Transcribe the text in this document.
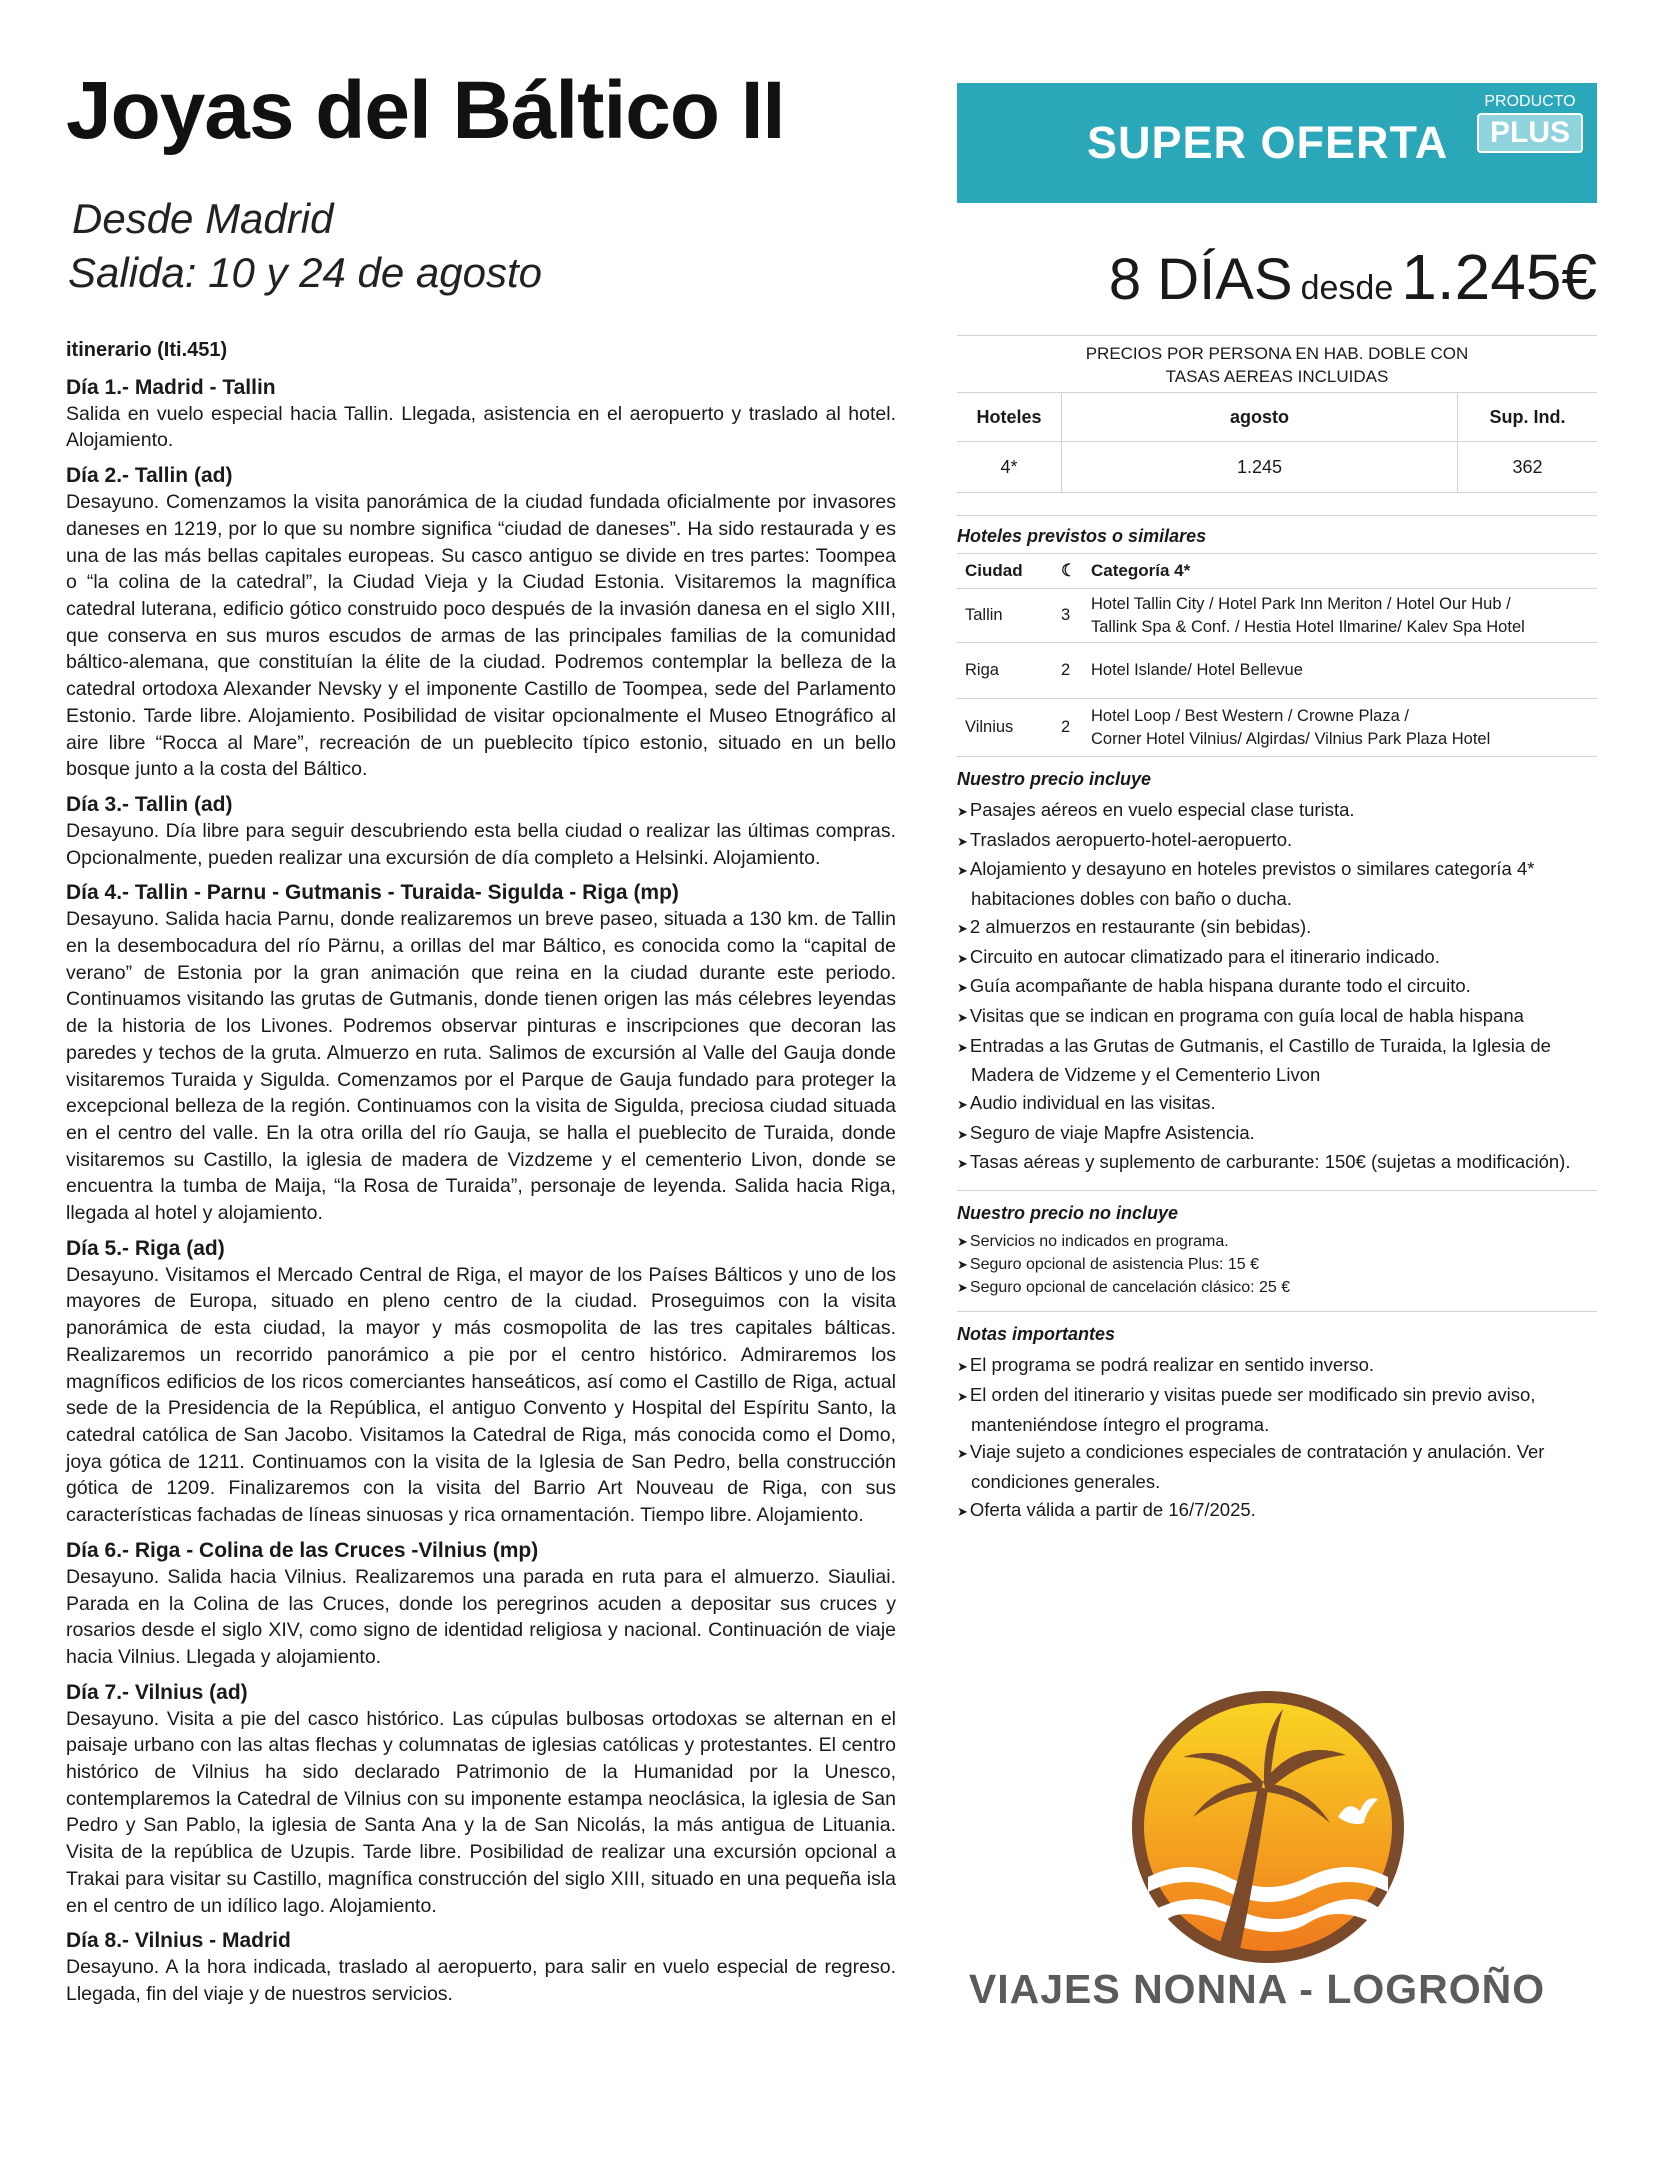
Joyas del Báltico II
Desde Madrid
Salida: 10 y 24 de agosto
itinerario (Iti.451)
Día 1.- Madrid - Tallin

Salida en vuelo especial hacia Tallin. Llegada, asistencia en el aeropuerto y traslado al hotel. Alojamiento.

Día 2.- Tallin (ad)

Desayuno. Comenzamos la visita panorámica de la ciudad fundada oficialmente por invasores daneses en 1219, por lo que su nombre significa “ciudad de daneses”. Ha sido restaurada y es una de las más bellas capitales europeas. Su casco antiguo se divide en tres partes: Toompea o “la colina de la catedral”, la Ciudad Vieja y la Ciudad Estonia. Visitaremos la magnífica catedral luterana, edificio gótico construido poco después de la invasión danesa en el siglo XIII, que conserva en sus muros escudos de armas de las principales familias de la comunidad báltico-alemana, que constituían la élite de la ciudad. Podremos contemplar la belleza de la catedral ortodoxa Alexander Nevsky y el imponente Castillo de Toompea, sede del Parlamento Estonio. Tarde libre. Alojamiento. Posibilidad de visitar opcionalmente el Museo Etnográfico al aire libre “Rocca al Mare”, recreación de un pueblecito típico estonio, situado en un bello bosque junto a la costa del Báltico.

Día 3.- Tallin (ad)

Desayuno. Día libre para seguir descubriendo esta bella ciudad o realizar las últimas compras. Opcionalmente, pueden realizar una excursión de día completo a Helsinki. Alojamiento.

Día 4.- Tallin - Parnu - Gutmanis - Turaida- Sigulda - Riga (mp)

Desayuno. Salida hacia Parnu, donde realizaremos un breve paseo, situada a 130 km. de Tallin en la desembocadura del río Pärnu, a orillas del mar Báltico, es conocida como la “capital de verano” de Estonia por la gran animación que reina en la ciudad durante este periodo. Continuamos visitando las grutas de Gutmanis, donde tienen origen las más célebres leyendas de la historia de los Livones. Podremos observar pinturas e inscripciones que decoran las paredes y techos de la gruta. Almuerzo en ruta. Salimos de excursión al Valle del Gauja donde visitaremos Turaida y Sigulda. Comenzamos por el Parque de Gauja fundado para proteger la excepcional belleza de la región. Continuamos con la visita de Sigulda, preciosa ciudad situada en el centro del valle. En la otra orilla del río Gauja, se halla el pueblecito de Turaida, donde visitaremos su Castillo, la iglesia de madera de Vizdzeme y el cementerio Livon, donde se encuentra la tumba de Maija, “la Rosa de Turaida”, personaje de leyenda. Salida hacia Riga, llegada al hotel y alojamiento.

Día 5.- Riga (ad)

Desayuno. Visitamos el Mercado Central de Riga, el mayor de los Países Bálticos y uno de los mayores de Europa, situado en pleno centro de la ciudad. Proseguimos con la visita panorámica de esta ciudad, la mayor y más cosmopolita de las tres capitales bálticas. Realizaremos un recorrido panorámico a pie por el centro histórico. Admiraremos los magníficos edificios de los ricos comerciantes hanseáticos, así como el Castillo de Riga, actual sede de la Presidencia de la República, el antiguo Convento y Hospital del Espíritu Santo, la catedral católica de San Jacobo. Visitamos la Catedral de Riga, más conocida como el Domo, joya gótica de 1211. Continuamos con la visita de la Iglesia de San Pedro, bella construcción gótica de 1209. Finalizaremos con la visita del Barrio Art Nouveau de Riga, con sus características fachadas de líneas sinuosas y rica ornamentación. Tiempo libre. Alojamiento.

Día 6.- Riga - Colina de las Cruces -Vilnius (mp)

Desayuno. Salida hacia Vilnius. Realizaremos una parada en ruta para el almuerzo. Siauliai. Parada en la Colina de las Cruces, donde los peregrinos acuden a depositar sus cruces y rosarios desde el siglo XIV, como signo de identidad religiosa y nacional. Continuación de viaje hacia Vilnius. Llegada y alojamiento.

Día 7.- Vilnius (ad)

Desayuno. Visita a pie del casco histórico. Las cúpulas bulbosas ortodoxas se alternan en el paisaje urbano con las altas flechas y columnatas de iglesias católicas y protestantes. El centro histórico de Vilnius ha sido declarado Patrimonio de la Humanidad por la Unesco, contemplaremos la Catedral de Vilnius con su imponente estampa neoclásica, la iglesia de San Pedro y San Pablo, la iglesia de Santa Ana y la de San Nicolás, la más antigua de Lituania. Visita de la república de Uzupis. Tarde libre. Posibilidad de realizar una excursión opcional a Trakai para visitar su Castillo, magnífica construcción del siglo XIII, situado en una pequeña isla en el centro de un idílico lago. Alojamiento.

Día 8.- Vilnius - Madrid

Desayuno. A la hora indicada, traslado al aeropuerto, para salir en vuelo especial de regreso. Llegada, fin del viaje y de nuestros servicios.

SUPER OFERTA
PRODUCTO
PLUS
8 DÍAS desde 1.245€
PRECIOS POR PERSONA EN HAB. DOBLE CON
TASAS AEREAS INCLUIDAS
Hoteles	agosto	Sup. Ind.
4*	1.245	362
Hoteles previstos o similares
Ciudad	☾	Categoría 4*
Tallin	3	Hotel Tallin City / Hotel Park Inn Meriton / Hotel Our Hub /
Tallink Spa & Conf. / Hestia Hotel Ilmarine/ Kalev Spa Hotel

Riga	2	Hotel Islande/ Hotel Bellevue

Vilnius	2	Hotel Loop / Best Western / Crowne Plaza /
Corner Hotel Vilnius/ Algirdas/ Vilnius Park Plaza Hotel
Nuestro precio incluye
➤ Pasajes aéreos en vuelo especial clase turista.
➤ Traslados aeropuerto-hotel-aeropuerto.
➤ Alojamiento y desayuno en hoteles previstos o similares categoría 4* habitaciones dobles con baño o ducha.
➤ 2 almuerzos en restaurante (sin bebidas).
➤ Circuito en autocar climatizado para el itinerario indicado.
➤ Guía acompañante de habla hispana durante todo el circuito.
➤ Visitas que se indican en programa con guía local de habla hispana
➤ Entradas a las Grutas de Gutmanis, el Castillo de Turaida, la Iglesia de Madera de Vidzeme y el Cementerio Livon
➤ Audio individual en las visitas.
➤ Seguro de viaje Mapfre Asistencia.
➤ Tasas aéreas y suplemento de carburante: 150€ (sujetas a modificación).
Nuestro precio no incluye
➤ Servicios no indicados en programa.
➤ Seguro opcional de asistencia Plus: 15 €
➤ Seguro opcional de cancelación clásico: 25 €
Notas importantes
➤ El programa se podrá realizar en sentido inverso.
➤ El orden del itinerario y visitas puede ser modificado sin previo aviso, manteniéndose íntegro el programa.
➤ Viaje sujeto a condiciones especiales de contratación y anulación. Ver condiciones generales.
➤ Oferta válida a partir de 16/7/2025.
VIAJES NONNA - LOGROÑO
